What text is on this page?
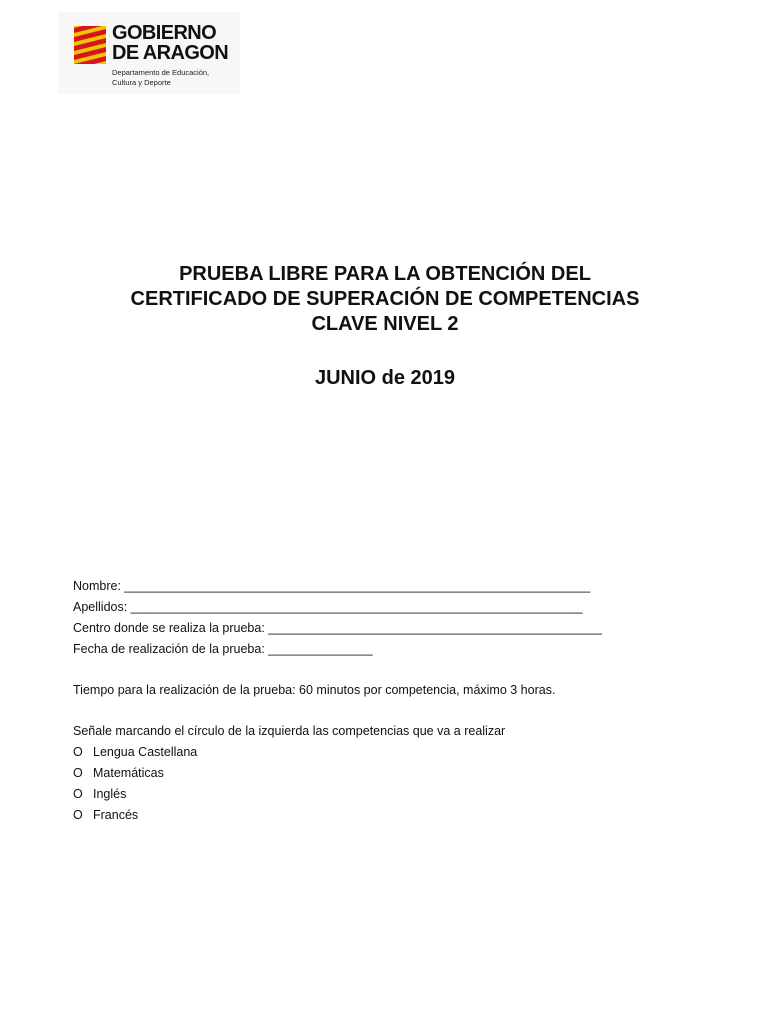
GOBIERNO
DE ARAGON
Departamento de Educación,
Cultura y Deporte
PRUEBA LIBRE PARA LA OBTENCIÓN DEL
CERTIFICADO DE SUPERACIÓN DE COMPETENCIAS
CLAVE NIVEL 2
JUNIO de 2019
Nombre: ___________________________________________________________________
Apellidos: _________________________________________________________________
Centro donde se realiza la prueba: ________________________________________________
Fecha de realización de la prueba: _______________
Tiempo para la realización de la prueba: 60 minutos por competencia, máximo 3 horas.
Señale marcando el círculo de la izquierda las competencias que va a realizar
O Lengua Castellana
O Matemáticas
O Inglés
O Francés
